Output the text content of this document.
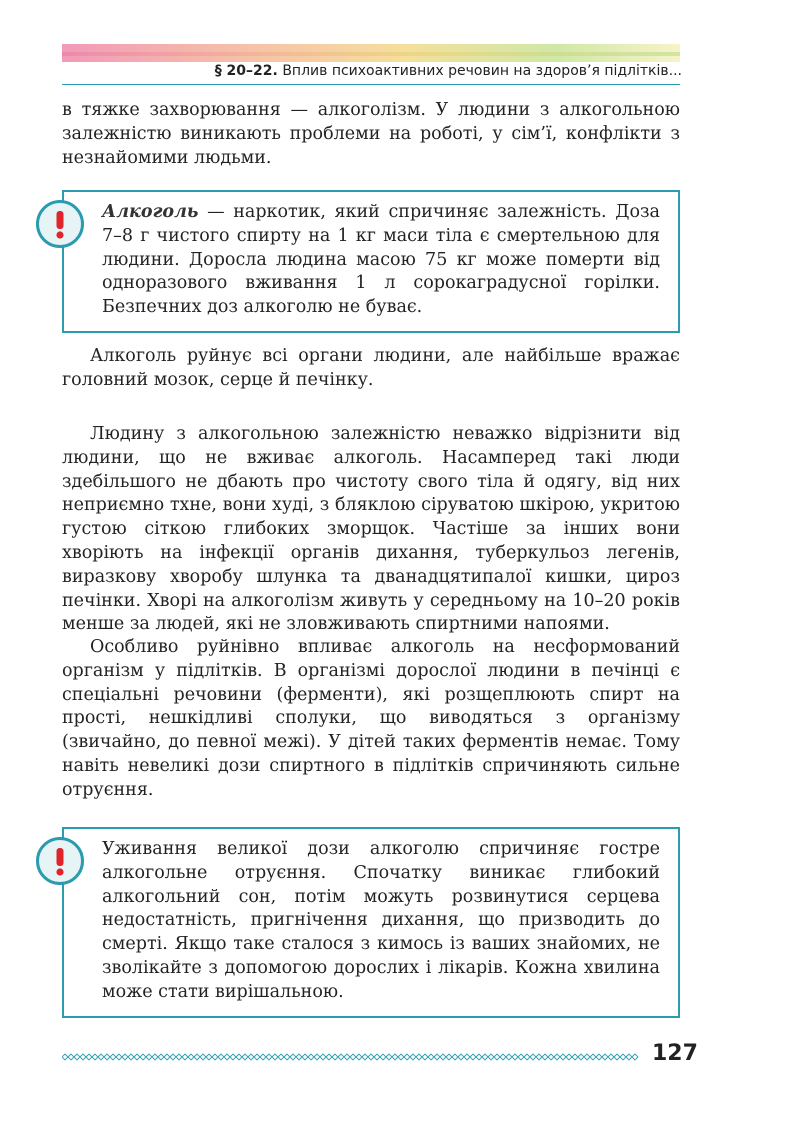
§ 20–22. Вплив психоактивних речовин на здоров’я підлітків...

в тяжке захворювання — алкоголізм. У людини з алкогольною залежністю виникають проблеми на роботі, у сім’ї, конфлікти з незнайомими людьми.

Алкоголь — наркотик, який спричиняє залежність. Доза 7–8 г чистого спирту на 1 кг маси тіла є смертельною для людини. Доросла людина масою 75 кг може померти від одноразового вживання 1 л сорокаградусної горілки. Безпечних доз алкоголю не буває.

Алкоголь руйнує всі органи людини, але найбільше вражає головний мозок, серце й печінку.

Людину з алкогольною залежністю неважко відрізнити від людини, що не вживає алкоголь. Насамперед такі люди здебільшого не дбають про чистоту свого тіла й одягу, від них неприємно тхне, вони худі, з бляклою сіруватою шкірою, укритою густою сіткою глибоких зморщок. Частіше за інших вони хворіють на інфекції органів дихання, туберкульоз легенів, виразкову хворобу шлунка та дванадцятипалої кишки, цироз печінки. Хворі на алкоголізм живуть у середньому на 10–20 років менше за людей, які не зловживають спиртними напоями.

Особливо руйнівно впливає алкоголь на несформований організм у підлітків. В організмі дорослої людини в печінці є спеціальні речовини (ферменти), які розщеплюють спирт на прості, нешкідливі сполуки, що виводяться з організму (звичайно, до певної межі). У дітей таких ферментів немає. Тому навіть невеликі дози спиртного в підлітків спричиняють сильне отруєння.

Уживання великої дози алкоголю спричиняє гостре алкогольне отруєння. Спочатку виникає глибокий алкогольний сон, потім можуть розвинутися серцева недостатність, пригнічення дихання, що призводить до смерті. Якщо таке сталося з кимось із ваших знайомих, не зволікайте з допомогою дорослих і лікарів. Кожна хвилина може стати вирішальною.

127
